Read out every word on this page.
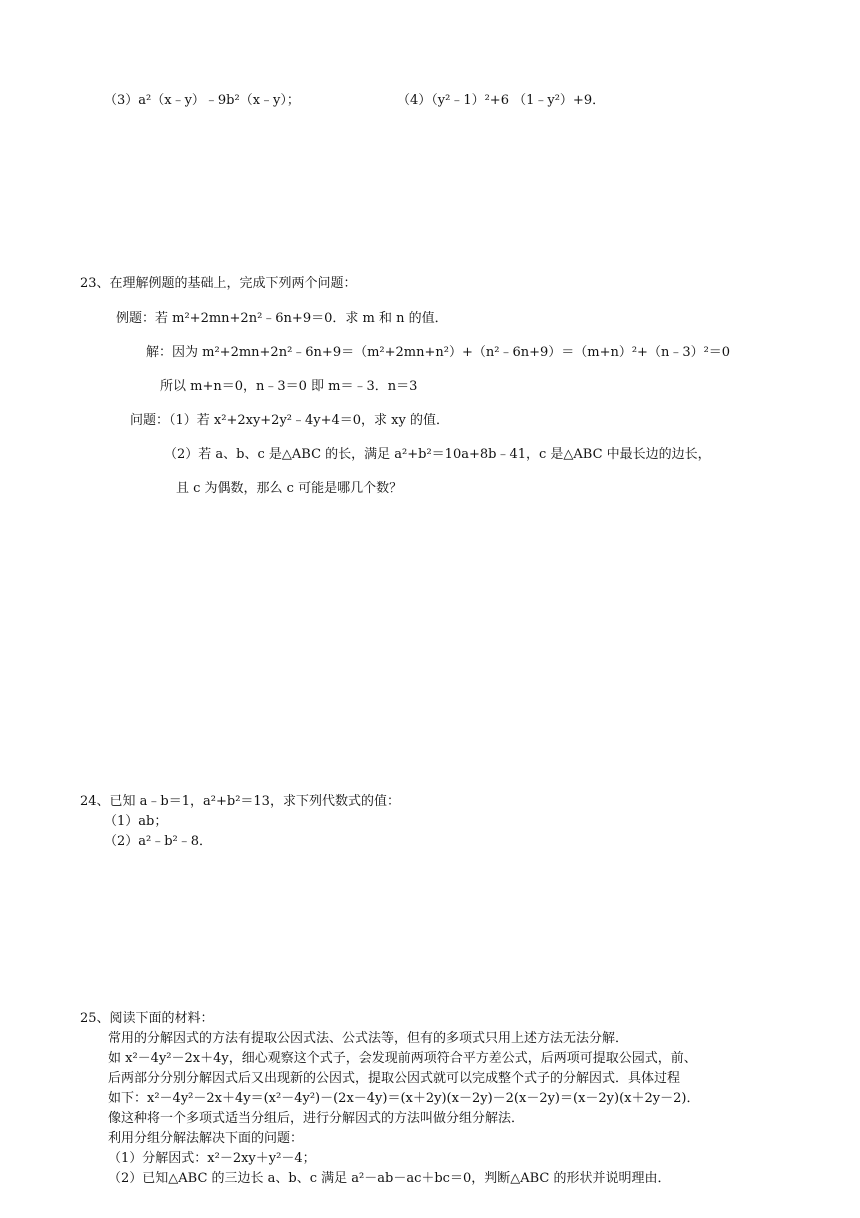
（3）a²（x﹣y）﹣9b²（x﹣y）；	（4）（y²﹣1）²+6 （1﹣y²）+9．
23、在理解例题的基础上，完成下列两个问题：
例题：若 m²+2mn+2n²﹣6n+9＝0．求 m 和 n 的值．
解：因为 m²+2mn+2n²﹣6n+9＝（m²+2mn+n²）+（n²﹣6n+9）＝（m+n）²+（n﹣3）²＝0
所以 m+n＝0，n﹣3＝0 即 m＝﹣3．n＝3
问题：（1）若 x²+2xy+2y²﹣4y+4＝0，求 xy 的值．
（2）若 a、b、c 是△ABC 的长，满足 a²+b²＝10a+8b﹣41，c 是△ABC 中最长边的边长，
且 c 为偶数，那么 c 可能是哪几个数？
24、已知 a﹣b＝1，a²+b²＝13，求下列代数式的值：
（1）ab；
（2）a²﹣b²﹣8．
25、阅读下面的材料：
常用的分解因式的方法有提取公因式法、公式法等，但有的多项式只用上述方法无法分解．
如 x²－4y²－2x＋4y，细心观察这个式子，会发现前两项符合平方差公式，后两项可提取公园式，前、
后两部分分别分解因式后又出现新的公因式，提取公因式就可以完成整个式子的分解因式．具体过程
如下：x²－4y²－2x＋4y＝(x²－4y²)－(2x－4y)＝(x＋2y)(x－2y)－2(x－2y)＝(x－2y)(x＋2y－2)．
像这种将一个多项式适当分组后，进行分解因式的方法叫做分组分解法．
利用分组分解法解决下面的问题：
（1）分解因式：x²－2xy＋y²－4；
（2）已知△ABC 的三边长 a、b、c 满足 a²－ab－ac＋bc＝0，判断△ABC 的形状并说明理由．
